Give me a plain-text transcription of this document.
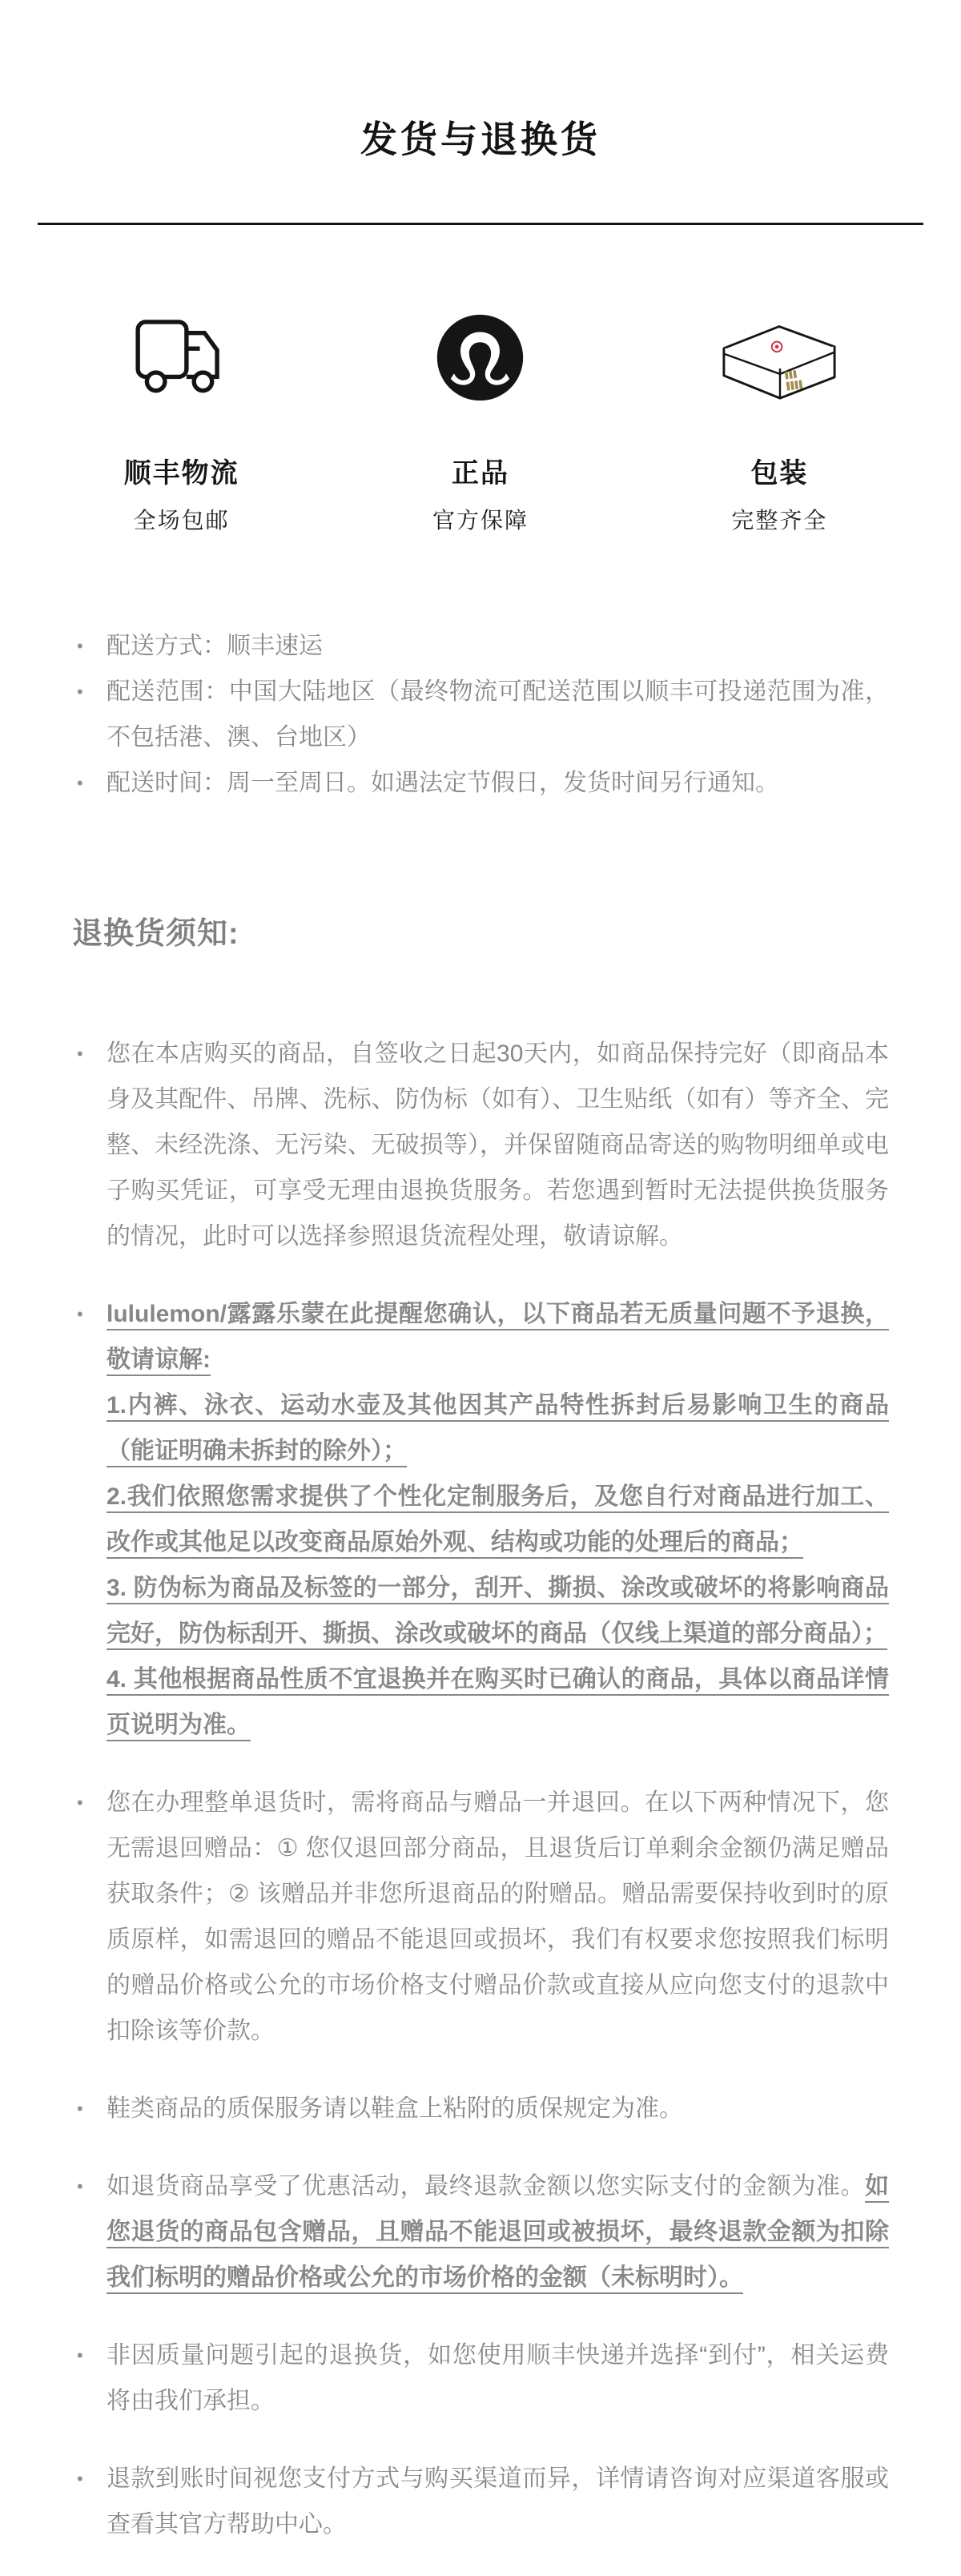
发货与退换货
顺丰物流
全场包邮
正品
官方保障
包装
完整齐全
• 配送方式：顺丰速运
• 配送范围：中国大陆地区（最终物流可配送范围以顺丰可投递范围为准，不包括港、澳、台地区）
• 配送时间：周一至周日。如遇法定节假日，发货时间另行通知。
退换货须知:
• 您在本店购买的商品，自签收之日起30天内，如商品保持完好（即商品本身及其配件、吊牌、洗标、防伪标（如有）、卫生贴纸（如有）等齐全、完整、未经洗涤、无污染、无破损等），并保留随商品寄送的购物明细单或电子购买凭证，可享受无理由退换货服务。若您遇到暂时无法提供换货服务的情况，此时可以选择参照退货流程处理，敬请谅解。
• lululemon/露露乐蒙在此提醒您确认，以下商品若无质量问题不予退换，敬请谅解:

1.内裤、泳衣、运动水壶及其他因其产品特性拆封后易影响卫生的商品（能证明确未拆封的除外）；

2.我们依照您需求提供了个性化定制服务后，及您自行对商品进行加工、改作或其他足以改变商品原始外观、结构或功能的处理后的商品；

3. 防伪标为商品及标签的一部分，刮开、撕损、涂改或破坏的将影响商品完好，防伪标刮开、撕损、涂改或破坏的商品（仅线上渠道的部分商品）；

4. 其他根据商品性质不宜退换并在购买时已确认的商品，具体以商品详情页说明为准。

• 您在办理整单退货时，需将商品与赠品一并退回。在以下两种情况下，您无需退回赠品：① 您仅退回部分商品，且退货后订单剩余金额仍满足赠品获取条件；② 该赠品并非您所退商品的附赠品。赠品需要保持收到时的原质原样，如需退回的赠品不能退回或损坏，我们有权要求您按照我们标明的赠品价格或公允的市场价格支付赠品价款或直接从应向您支付的退款中扣除该等价款。
• 鞋类商品的质保服务请以鞋盒上粘附的质保规定为准。
• 如退货商品享受了优惠活动，最终退款金额以您实际支付的金额为准。如您退货的商品包含赠品，且赠品不能退回或被损坏，最终退款金额为扣除我们标明的赠品价格或公允的市场价格的金额（未标明时）。
• 非因质量问题引起的退换货，如您使用顺丰快递并选择“到付”，相关运费将由我们承担。
• 退款到账时间视您支付方式与购买渠道而异，详情请咨询对应渠道客服或查看其官方帮助中心。
